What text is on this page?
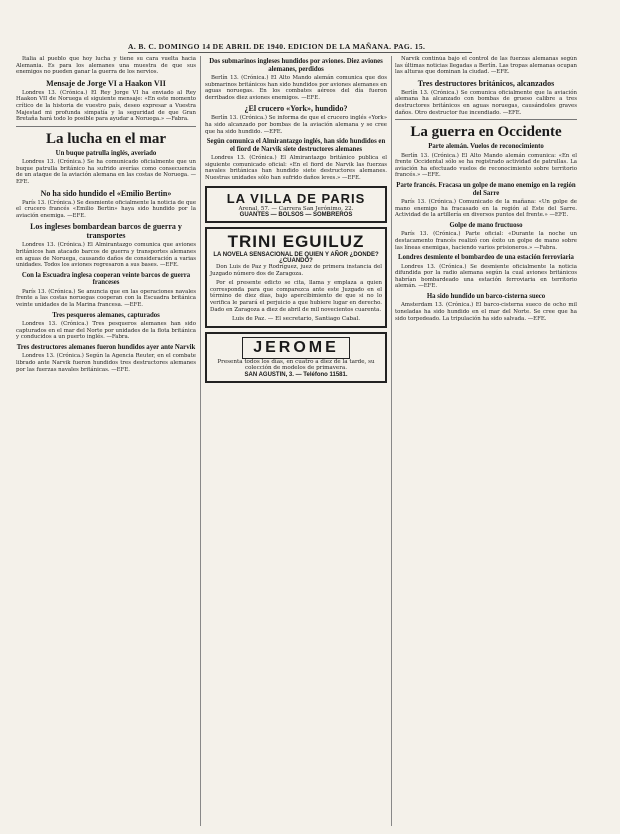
A. B. C. DOMINGO 14 DE ABRIL DE 1940. EDICION DE LA MAÑANA. PAG. 15.

Italia al pueblo que hoy lucha y tiene su cara vuelta hacia Alemania. Es para los alemanes una muestra de que sus enemigos no pueden ganar la guerra de los nervios.

Mensaje de Jorge VI a Haakon VII

Londres 13. (Crónica.) El Rey Jorge VI ha enviado al Rey Haakon VII de Noruega el siguiente mensaje: «En este momento crítico de la historia de vuestro país, deseo expresar a Vuestra Majestad mi profunda simpatía y la seguridad de que Gran Bretaña hará todo lo posible para ayudar a Noruega.» —Fabra.

La lucha en el mar
Un buque patrulla inglés, averiado

Londres 13. (Crónica.) Se ha comunicado oficialmente que un buque patrulla británico ha sufrido averías como consecuencia de un ataque de la aviación alemana en las costas de Noruega. —EFE.

No ha sido hundido el «Emilio Bertin»

París 13. (Crónica.) Se desmiente oficialmente la noticia de que el crucero francés «Emilio Bertin» haya sido hundido por la aviación enemiga. —EFE.

Los ingleses bombardean barcos de guerra y transportes

Londres 13. (Crónica.) El Almirantazgo comunica que aviones británicos han atacado barcos de guerra y transportes alemanes en aguas de Noruega, causando daños de consideración a varias unidades. Todos los aviones regresaron a sus bases. —EFE.

Con la Escuadra inglesa cooperan veinte barcos de guerra franceses

París 13. (Crónica.) Se anuncia que en las operaciones navales frente a las costas noruegas cooperan con la Escuadra británica veinte unidades de la Marina francesa. —EFE.

Tres pesqueros alemanes, capturados

Londres 13. (Crónica.) Tres pesqueros alemanes han sido capturados en el mar del Norte por unidades de la flota británica y conducidos a un puerto inglés. —Fabra.

Tres destructores alemanes fueron hundidos ayer ante Narvik

Londres 13. (Crónica.) Según la Agencia Reuter, en el combate librado ante Narvik fueron hundidos tres destructores alemanes por las fuerzas navales británicas. —EFE.

Dos submarinos ingleses hundidos por aviones. Diez aviones alemanes, perdidos

Berlín 13. (Crónica.) El Alto Mando alemán comunica que dos submarinos británicos han sido hundidos por aviones alemanes en aguas noruegas. En los combates aéreos del día fueron derribados diez aviones enemigos. —EFE.

¿El crucero «York», hundido?

Berlín 13. (Crónica.) Se informa de que el crucero inglés «York» ha sido alcanzado por bombas de la aviación alemana y se cree que ha sido hundido. —EFE.

Según comunica el Almirantazgo inglés, han sido hundidos en el fiord de Narvik siete destructores alemanes

Londres 13. (Crónica.) El Almirantazgo británico publica el siguiente comunicado oficial: «En el fiord de Narvik las fuerzas navales británicas han hundido siete destructores alemanes. Nuestras unidades sólo han sufrido daños leves.» —EFE.

LA VILLA DE PARIS
Arenal, 57. — Carrera San Jerónimo, 22.
GUANTES — BOLSOS — SOMBREROS
TRINI EGUILUZ
LA NOVELA SENSACIONAL DE QUIEN Y AÑOR ¿DONDE? ¿CUANDO?

Don Luis de Paz y Rodríguez, juez de primera instancia del Juzgado número dos de Zaragoza.

Por el presente edicto se cita, llama y emplaza a quien corresponda para que comparezca ante este Juzgado en el término de diez días, bajo apercibimiento de que si no lo verifica le parará el perjuicio a que hubiere lugar en derecho. Dado en Zaragoza a diez de abril de mil novecientos cuarenta.

Luis de Paz. — El secretario, Santiago Cabal.
JEROME
Presenta todos los días, en cuatro a diez de la tarde, su colección de modelos de primavera.
SAN AGUSTIN, 3. — Teléfono 11581.

Narvik continúa bajo el control de las fuerzas alemanas según las últimas noticias llegadas a Berlín. Las tropas alemanas ocupan las alturas que dominan la ciudad. —EFE.

Tres destructores británicos, alcanzados

Berlín 13. (Crónica.) Se comunica oficialmente que la aviación alemana ha alcanzado con bombas de grueso calibre a tres destructores británicos en aguas noruegas, causándoles graves daños. Otro destructor fue incendiado. —EFE.

La guerra en Occidente
Parte alemán. Vuelos de reconocimiento

Berlín 13. (Crónica.) El Alto Mando alemán comunica: «En el frente Occidental sólo se ha registrado actividad de patrullas. La aviación ha efectuado vuelos de reconocimiento sobre territorio francés.» —EFE.

Parte francés. Fracasa un golpe de mano enemigo en la región del Sarre

París 13. (Crónica.) Comunicado de la mañana: «Un golpe de mano enemigo ha fracasado en la región al Este del Sarre. Actividad de la artillería en diversos puntos del frente.» —EFE.

Golpe de mano fructuoso

París 13. (Crónica.) Parte oficial: «Durante la noche un destacamento francés realizó con éxito un golpe de mano sobre las líneas enemigas, haciendo varios prisioneros.» —Fabra.

Londres desmiente el bombardeo de una estación ferroviaria

Londres 13. (Crónica.) Se desmiente oficialmente la noticia difundida por la radio alemana según la cual aviones británicos habrían bombardeado una estación ferroviaria en territorio alemán. —EFE.

Ha sido hundido un barco-cisterna sueco

Amsterdam 13. (Crónica.) El barco-cisterna sueco de ocho mil toneladas ha sido hundido en el mar del Norte. Se cree que ha sido torpedeado. La tripulación ha sido salvada. —EFE.
